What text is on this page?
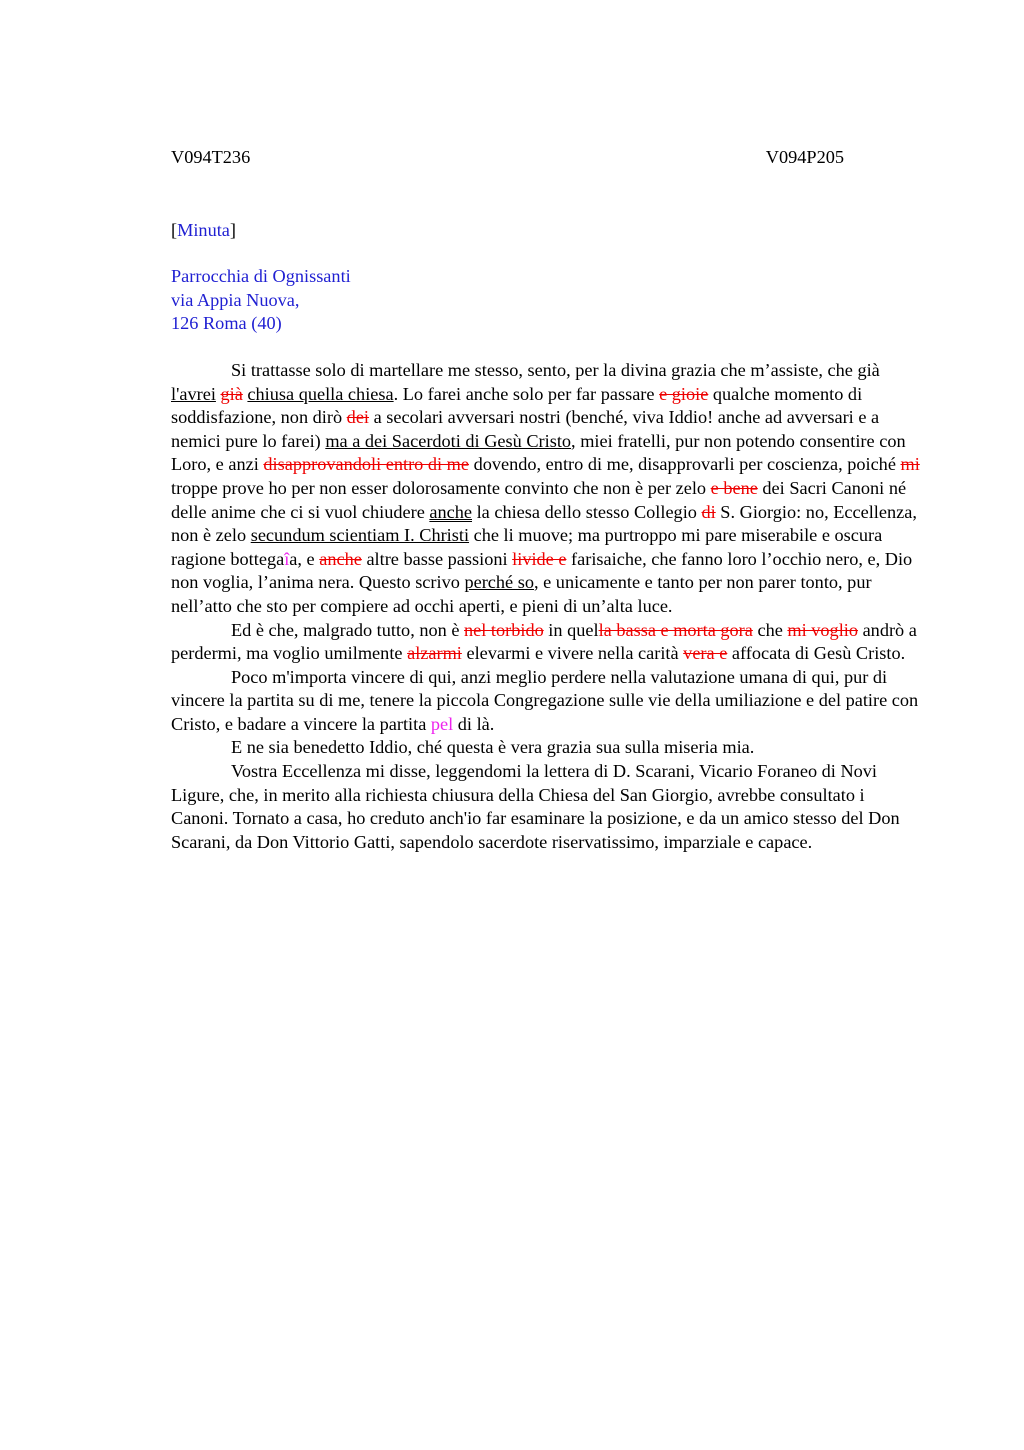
V094T236	V094P205
[Minuta]
Parrocchia di Ognissanti
via Appia Nuova,
126 Roma (40)

Si trattasse solo di martellare me stesso, sento, per la divina grazia che m’assiste, che già l'avrei già chiusa quella chiesa. Lo farei anche solo per far passare e gioie qualche momento di soddisfazione, non dirò dei a secolari avversari nostri (benché, viva Iddio! anche ad avversari e a nemici pure lo farei) ma a dei Sacerdoti di Gesù Cristo, miei fratelli, pur non potendo consentire con Loro, e anzi disapprovandoli entro di me dovendo, entro di me, disapprovarli per coscienza, poiché mi troppe prove ho per non esser dolorosamente convinto che non è per zelo e bene dei Sacri Canoni né delle anime che ci si vuol chiudere anche la chiesa dello stesso Collegio di S. Giorgio: no, Eccellenza, non è zelo secundum scientiam I. Christi che li muove; ma purtroppo mi pare miserabile e oscura ragione bottegaîa, e anche altre basse passioni livide e farisaiche, che fanno loro l’occhio nero, e, Dio non voglia, l’anima nera. Questo scrivo perché so, e unicamente e tanto per non parer tonto, pur nell’atto che sto per compiere ad occhi aperti, e pieni di un’alta luce.

Ed è che, malgrado tutto, non è nel torbido in quella bassa e morta gora che mi voglio andrò a perdermi, ma voglio umilmente alzarmi elevarmi e vivere nella carità vera e affocata di Gesù Cristo.

Poco m'importa vincere di qui, anzi meglio perdere nella valutazione umana di qui, pur di vincere la partita su di me, tenere la piccola Congregazione sulle vie della umiliazione e del patire con Cristo, e badare a vincere la partita pel di là.

E ne sia benedetto Iddio, ché questa è vera grazia sua sulla miseria mia.

Vostra Eccellenza mi disse, leggendomi la lettera di D. Scarani, Vicario Foraneo di Novi Ligure, che, in merito alla richiesta chiusura della Chiesa del San Giorgio, avrebbe consultato i Canoni. Tornato a casa, ho creduto anch'io far esaminare la posizione, e da un amico stesso del Don Scarani, da Don Vittorio Gatti, sapendolo sacerdote riservatissimo, imparziale e capace.
